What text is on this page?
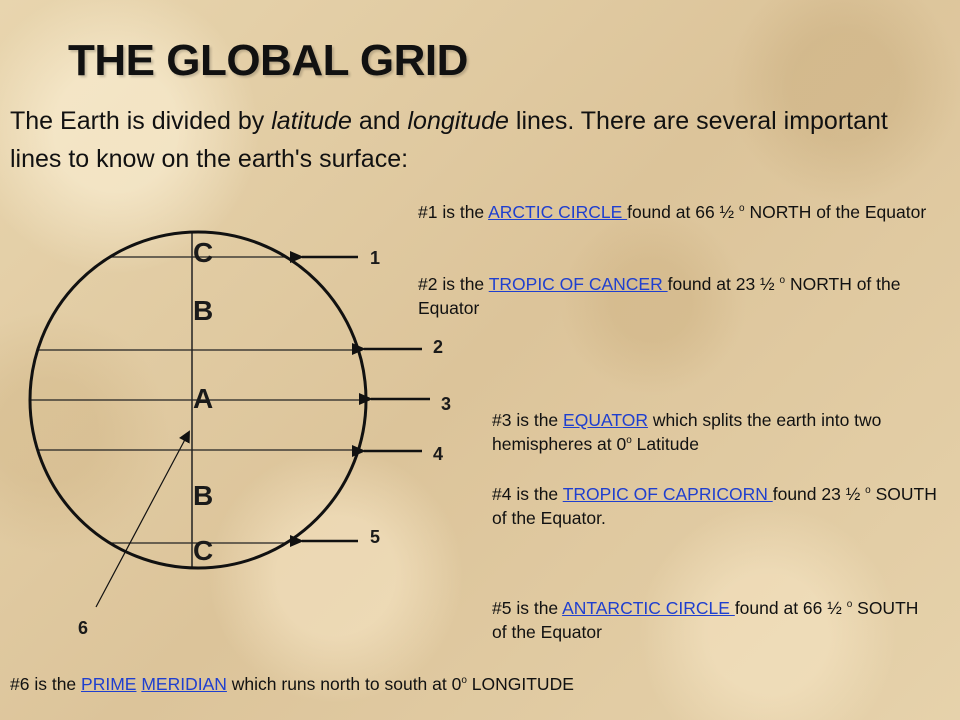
THE GLOBAL GRID

The Earth is divided by latitude and longitude lines. There are several important lines to know on the earth's surface:

C
B
A
B
C
1
2
3
4
5
6

#1 is the ARCTIC CIRCLE found at 66 ½ $^o$ NORTH of the Equator

#2 is the TROPIC OF CANCER found at 23 ½ $^o$ NORTH of the Equator

#3 is the EQUATOR which splits the earth into two hemispheres at 0$^o$ Latitude

#4 is the TROPIC OF CAPRICORN found 23 ½ $^o$ SOUTH of the Equator.

#5 is the ANTARCTIC CIRCLE found at 66 ½ $^o$ SOUTH of the Equator

#6 is the PRIME MERIDIAN which runs north to south at 0$^o$ LONGITUDE
